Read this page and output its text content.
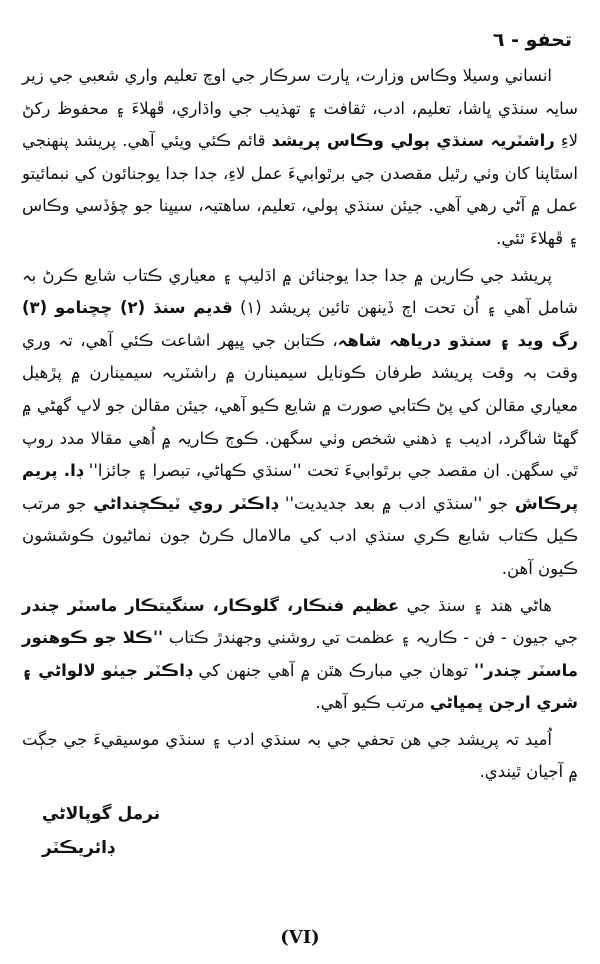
تحفو - ٦

انساني وسيلا وڪاس وزارت، ڀارت سرڪار جي اوچ تعليم واري شعبي جي زير سايہ سنڌي ڀاشا، تعليم، ادب، ثقافت ۽ تهذيب جي واڌاري، ڦهلاءَ ۽ محفوظ رکڻ لاءِ راشٽريہ سنڌي ٻولي وڪاس پريشد قائم ڪئي ويئي آهي. پريشد پنهنجي اسٿاپنا کان وٺي رٿيل مقصدن جي برٿوابيءَ عمل لاءِ، جدا جدا يوجنائون کي نبمائيتو عمل ۾ آڻي رهي آهي. جيئن سنڌي ٻولي، تعليم، ساهتيہ، سيڀنا جو چؤڏسي وڪاس ۽ ڦهلاءَ ٿئي.

پريشد جي ڪارين ۾ جدا جدا يوجنائن ۾ اڌليپ ۽ معياري ڪتاب شايع ڪرڻ بہ شامل آهي ۽ اُن تحت اڄ ڏينهن تائين پريشد (۱) قديم سنڌ (۲) چچنامو (۳) رگ ويد ۽ سنڌو درياهہ شاهہ، ڪتابن جي ڀيهر اشاعت ڪئي آهي، تہ وري وقت بہ وقت پريشد طرفان ڪونايل سيمينارن ۾ راشٽريہ سيمينارن ۾ پڙهيل معياري مقالن کي پڻ ڪتابي صورت ۾ شايع ڪيو آهي، جيئن مقالن جو لاڀ گهڻي ۾ گهڻا شاگرد، اديب ۽ ذهني شخص وٺي سگهن. ڪوڄ ڪاريہ ۾ اُهي مقالا مدد روپ ٿي سگهن. ان مقصد جي برٿوابيءَ تحت ''سنڌي ڪهاڻي، تبصرا ۽ جائزا'' ڊا. پريم پرڪاش جو ''سنڌي ادب ۾ بعد جديديت'' ڊاڪٽر روي ٽيڪچنداڻي جو مرتب ڪيل ڪتاب شايع ڪري سنڌي ادب کي مالامال ڪرڻ جون نماڻيون ڪوششون ڪيون آهن.

هاڻي هند ۽ سنڌ جي عظيم فنڪار، گلوڪار، سنگيتڪار ماسٽر چندر جي جيون - فن - ڪاريہ ۽ عظمت تي روشني وجهندڙ ڪتاب ''ڪلا جو ڪوهنور ماسٽر چندر'' توهان جي مبارڪ هٿن ۾ آهي جنهن کي ڊاڪٽر جيٺو لالواڻي ۽ شري ارجن ڀمڀاڻي مرتب ڪيو آهي.

اُميد تہ پريشد جي هن تحفي جي بہ سنڌي ادب ۽ سنڌي موسيقيءَ جي جڳت ۾ آجيان ٿيندي.

نرمل گوپالاڻي
ڊائريڪٽر
(VI)
